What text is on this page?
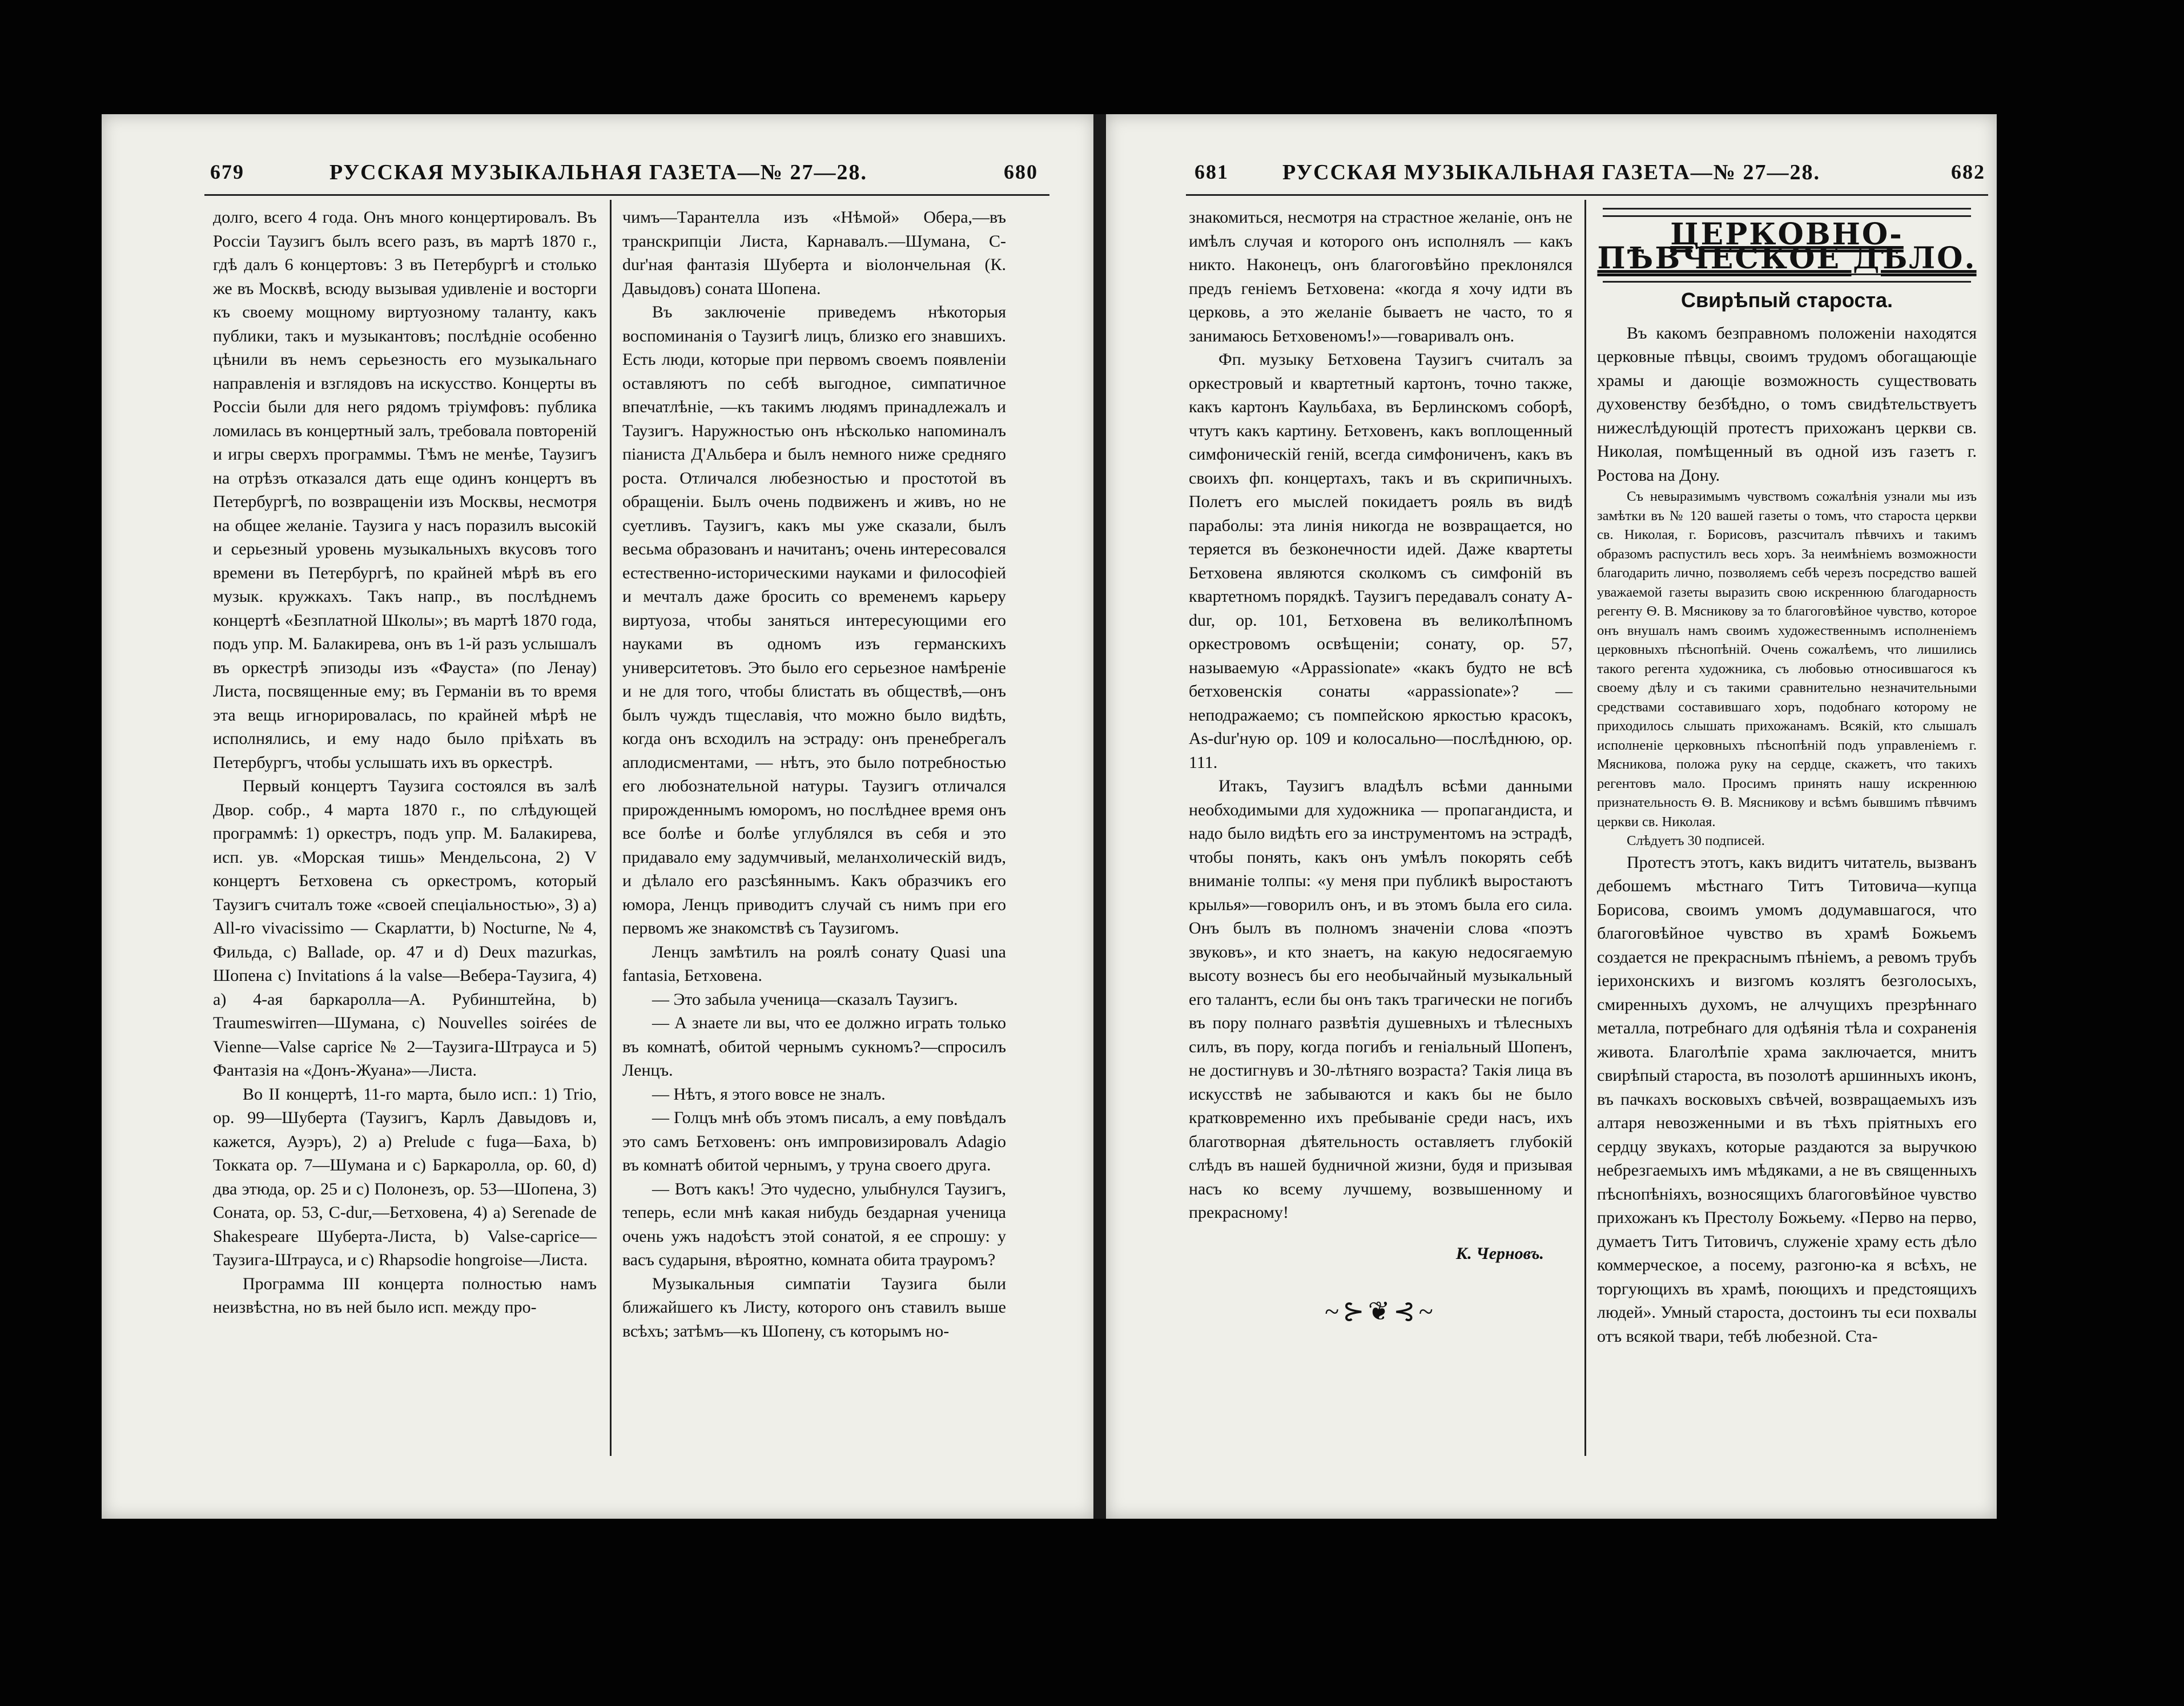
679	РУССКАЯ МУЗЫКАЛЬНАЯ ГАЗЕТА—№ 27—28.	680

долго, всего 4 года. Онъ много концертировалъ. Въ Россіи Таузигъ былъ всего разъ, въ мартѣ 1870 г., гдѣ далъ 6 концертовъ: 3 въ Петербургѣ и столько же въ Москвѣ, всюду вызывая удивленіе и восторги къ своему мощному виртуозному таланту, какъ публики, такъ и музыкантовъ; послѣдніе особенно цѣнили въ немъ серьезность его музыкальнаго направленія и взглядовъ на искусство. Концерты въ Россіи были для него рядомъ тріумфовъ: публика ломилась въ концертный залъ, требовала повтореній и игры сверхъ программы. Тѣмъ не менѣе, Таузигъ на отрѣзъ отказался дать еще одинъ концертъ въ Петербургѣ, по возвращеніи изъ Москвы, несмотря на общее желаніе. Таузига у насъ поразилъ высокій и серьезный уровень музыкальныхъ вкусовъ того времени въ Петербургѣ, по крайней мѣрѣ въ его музык. кружкахъ. Такъ напр., въ послѣднемъ концертѣ «Безплатной Школы»; въ мартѣ 1870 года, подъ упр. М. Балакирева, онъ въ 1-й разъ услышалъ въ оркестрѣ эпизоды изъ «Фауста» (по Ленау) Листа, посвященные ему; въ Германіи въ то время эта вещь игнорировалась, по крайней мѣрѣ не исполнялись, и ему надо было пріѣхать въ Петербургъ, чтобы услышать ихъ въ оркестрѣ.

Первый концертъ Таузига состоялся въ залѣ Двор. собр., 4 марта 1870 г., по слѣдующей программѣ: 1) оркестръ, подъ упр. М. Балакирева, исп. ув. «Морская тишь» Мендельсона, 2) V концертъ Бетховена съ оркестромъ, который Таузигъ считалъ тоже «своей спеціальностью», 3) a) All-ro vivacissimo — Скарлатти, b) Nocturne, № 4, Фильда, c) Ballade, op. 47 и d) Deux mazurkas, Шопена c) Invitations á la valse—Вебера-Таузига, 4) a) 4-ая баркаролла—А. Рубинштейна, b) Traumeswirren—Шумана, c) Nouvelles soirées de Vienne—Valse caprice № 2—Таузига-Штрауса и 5) Фантазія на «Донъ-Жуана»—Листа.

Во II концертѣ, 11-го марта, было исп.: 1) Trio, op. 99—Шуберта (Таузигъ, Карлъ Давыдовъ и, кажется, Ауэръ), 2) a) Prelude с fuga—Баха, b) Токката op. 7—Шумана и c) Баркаролла, op. 60, d) два этюда, op. 25 и c) Полонезъ, op. 53—Шопена, 3) Соната, op. 53, C-dur,—Бетховена, 4) a) Serenade de Shakespeare Шуберта-Листа, b) Valse-caprice—Таузига-Штрауса, и c) Rhapsodie hongroise—Листа.

Программа III концерта полностью намъ неизвѣстна, но въ ней было исп. между про-

чимъ—Тарантелла изъ «Нѣмой» Обера,—въ транскрипціи Листа, Карнавалъ.—Шумана, C-dur'ная фантазія Шуберта и віолончельная (К. Давыдовъ) соната Шопена.

Въ заключеніе приведемъ нѣкоторыя воспоминанія о Таузигѣ лицъ, близко его знавшихъ. Есть люди, которые при первомъ своемъ появленіи оставляютъ по себѣ выгодное, симпатичное впечатлѣніе, —къ такимъ людямъ принадлежалъ и Таузигъ. Наружностью онъ нѣсколько напоминалъ піаниста Д'Альбера и былъ немного ниже средняго роста. Отличался любезностью и простотой въ обращеніи. Былъ очень подвиженъ и живъ, но не суетливъ. Таузигъ, какъ мы уже сказали, былъ весьма образованъ и начитанъ; очень интересовался естественно-историческими науками и философіей и мечталъ даже бросить со временемъ карьеру виртуоза, чтобы заняться интересующими его науками въ одномъ изъ германскихъ университетовъ. Это было его серьезное намѣреніе и не для того, чтобы блистать въ обществѣ,—онъ былъ чуждъ тщеславія, что можно было видѣть, когда онъ всходилъ на эстраду: онъ пренебрегалъ аплодисментами, — нѣтъ, это было потребностью его любознательной натуры. Таузигъ отличался прирожденнымъ юморомъ, но послѣднее время онъ все болѣе и болѣе углублялся въ себя и это придавало ему задумчивый, меланхолическій видъ, и дѣлало его разсѣяннымъ. Какъ образчикъ его юмора, Ленцъ приводитъ случай съ нимъ при его первомъ же знакомствѣ съ Таузигомъ.

Ленцъ замѣтилъ на роялѣ сонату Quasi una fantasia, Бетховена.

— Это забыла ученица—сказалъ Таузигъ.

— А знаете ли вы, что ее должно играть только въ комнатѣ, обитой чернымъ сукномъ?—спросилъ Ленцъ.

— Нѣтъ, я этого вовсе не зналъ.

— Голцъ мнѣ объ этомъ писалъ, а ему повѣдалъ это самъ Бетховенъ: онъ импровизировалъ Adagio въ комнатѣ обитой чернымъ, у труна своего друга.

— Вотъ какъ! Это чудесно, улыбнулся Таузигъ, теперь, если мнѣ какая нибудь бездарная ученица очень ужъ надоѣстъ этой сонатой, я ее спрошу: у васъ сударыня, вѣроятно, комната обита трауромъ?

Музыкальныя симпатіи Таузига были ближайшего къ Листу, которого онъ ставилъ выше всѣхъ; затѣмъ—къ Шопену, съ которымъ но-

681	РУССКАЯ МУЗЫКАЛЬНАЯ ГАЗЕТА—№ 27—28.	682

знакомиться, несмотря на страстное желаніе, онъ не имѣлъ случая и которого онъ исполнялъ — какъ никто. Наконецъ, онъ благоговѣйно преклонялся предъ геніемъ Бетховена: «когда я хочу идти въ церковь, а это желаніе бываетъ не часто, то я занимаюсь Бетховеномъ!»—говаривалъ онъ.

Фп. музыку Бетховена Таузигъ считалъ за оркестровый и квартетный картонъ, точно также, какъ картонъ Каульбаха, въ Берлинскомъ соборѣ, чтутъ какъ картину. Бетховенъ, какъ воплощенный симфоническій геній, всегда симфониченъ, какъ въ своихъ фп. концертахъ, такъ и въ скрипичныхъ. Полетъ его мыслей покидаетъ рояль въ видѣ параболы: эта линія никогда не возвращается, но теряется въ безконечности идей. Даже квартеты Бетховена являются сколкомъ съ симфоній въ квартетномъ порядкѣ. Таузигъ передавалъ сонату A-dur, op. 101, Бетховена въ великолѣпномъ оркестровомъ освѣщеніи; сонату, op. 57, называемую «Appassionate» «какъ будто не всѣ бетховенскія сонаты «appassionate»? — неподражаемо; съ помпейскою яркостью красокъ, As-dur'ную op. 109 и колосально—послѣднюю, op. 111.

Итакъ, Таузигъ владѣлъ всѣми данными необходимыми для художника — пропагандиста, и надо было видѣть его за инструментомъ на эстрадѣ, чтобы понять, какъ онъ умѣлъ покорять себѣ вниманіе толпы: «у меня при публикѣ выростаютъ крылья»—говорилъ онъ, и въ этомъ была его сила. Онъ былъ въ полномъ значеніи слова «поэтъ звуковъ», и кто знаетъ, на какую недосягаемую высоту вознесъ бы его необычайный музыкальный его талантъ, если бы онъ такъ трагически не погибъ въ пору полнаго развѣтія душевныхъ и тѣлесныхъ силъ, въ пору, когда погибъ и геніальный Шопенъ, не достигнувъ и 30-лѣтняго возраста? Такія лица въ искусствѣ не забываются и какъ бы не было кратковременно ихъ пребываніе среди насъ, ихъ благотворная дѣятельность оставляетъ глубокій слѣдъ въ нашей будничной жизни, будя и призывая насъ ко всему лучшему, возвышенному и прекрасному!

К. Черновъ.

~⊱❦⊰~
ЦЕРКОВНО-ПѢВЧЕСКОЕ ДѢЛО.
Свирѣпый староста.

Въ какомъ безправномъ положеніи находятся церковные пѣвцы, своимъ трудомъ обогащающіе храмы и дающіе возможность существовать духовенству безбѣдно, о томъ свидѣтельствуетъ нижеслѣдующій протестъ прихожанъ церкви св. Николая, помѣщенный въ одной изъ газетъ г. Ростова на Дону.

Съ невыразимымъ чувствомъ сожалѣнія узнали мы изъ замѣтки въ № 120 вашей газеты о томъ, что староста церкви св. Николая, г. Борисовъ, разсчиталъ пѣвчихъ и такимъ образомъ распустилъ весь хоръ. За неимѣніемъ возможности благодарить лично, позволяемъ себѣ черезъ посредство вашей уважаемой газеты выразить свою искреннюю благодарность регенту Ѳ. В. Мясникову за то благоговѣйное чувство, которое онъ внушалъ намъ своимъ художественнымъ исполненіемъ церковныхъ пѣснопѣній. Очень сожалѣемъ, что лишились такого регента художника, съ любовью относившагося къ своему дѣлу и съ такими сравнительно незначительными средствами составившаго хоръ, подобнаго которому не приходилось слышать прихожанамъ. Всякій, кто слышалъ исполненіе церковныхъ пѣснопѣній подъ управленіемъ г. Мясникова, положа руку на сердце, скажетъ, что такихъ регентовъ мало. Просимъ принять нашу искреннюю признательность Ѳ. В. Мясникову и всѣмъ бывшимъ пѣвчимъ церкви св. Николая.

Слѣдуетъ 30 подписей.

Протестъ этотъ, какъ видитъ читатель, вызванъ дебошемъ мѣстнаго Титъ Титовича—купца Борисова, своимъ умомъ додумавшагося, что благоговѣйное чувство въ храмѣ Божьемъ создается не прекраснымъ пѣніемъ, а ревомъ трубъ іерихонскихъ и визгомъ козлятъ безголосыхъ, смиренныхъ духомъ, не алчущихъ презрѣннаго металла, потребнаго для одѣянія тѣла и сохраненія живота. Благолѣпіе храма заключается, мнитъ свирѣпый староста, въ позолотѣ аршинныхъ иконъ, въ пачкахъ восковыхъ свѣчей, возвращаемыхъ изъ алтаря невозженными и въ тѣхъ пріятныхъ его сердцу звукахъ, которые раздаются за выручкою небрезгаемыхъ имъ мѣдяками, а не въ священныхъ пѣснопѣніяхъ, возносящихъ благоговѣйное чувство прихожанъ къ Престолу Божьему. «Перво на перво, думаетъ Титъ Титовичъ, служеніе храму есть дѣло коммерческое, а посему, разгоню-ка я всѣхъ, не торгующихъ въ храмѣ, поющихъ и предстоящихъ людей». Умный староста, достоинъ ты еси похвалы отъ всякой твари, тебѣ любезной. Ста-
